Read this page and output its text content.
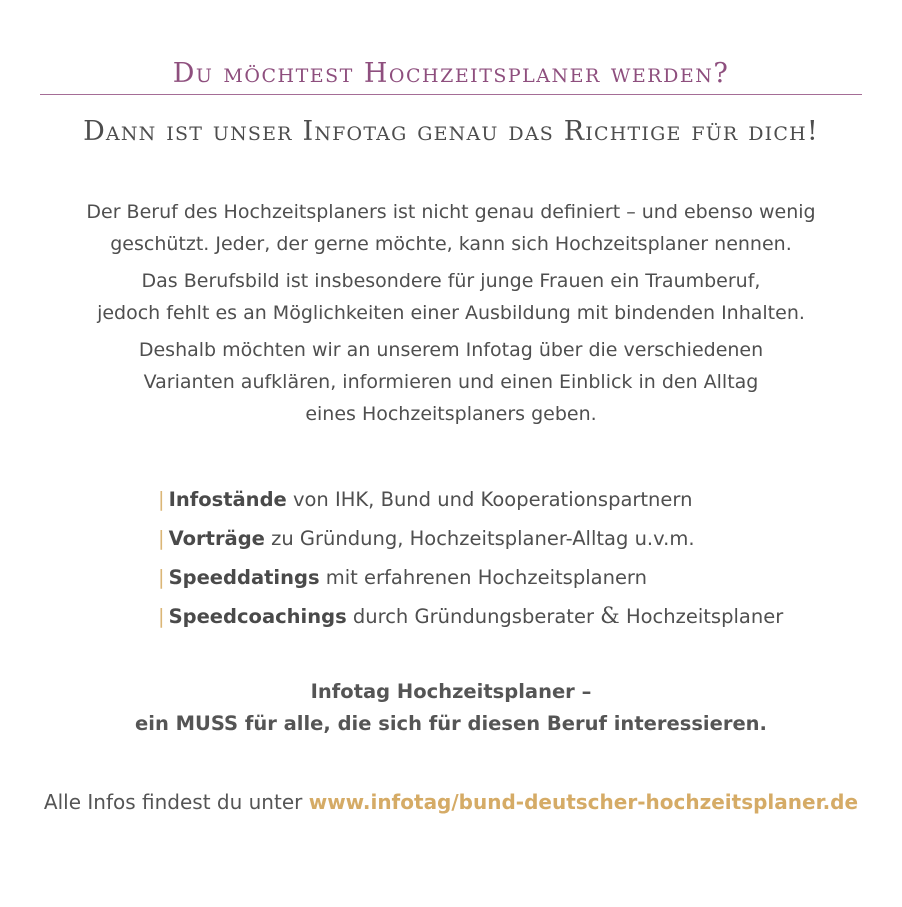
Du möchtest Hochzeitsplaner werden?
Dann ist unser Infotag genau das Richtige für dich!

Der Beruf des Hochzeitsplaners ist nicht genau definiert – und ebenso wenig
geschützt. Jeder, der gerne möchte, kann sich Hochzeitsplaner nennen.

Das Berufsbild ist insbesondere für junge Frauen ein Traumberuf,
jedoch fehlt es an Möglichkeiten einer Ausbildung mit bindenden Inhalten.

Deshalb möchten wir an unserem Infotag über die verschiedenen
Varianten aufklären, informieren und einen Einblick in den Alltag
eines Hochzeitsplaners geben.

| Infostände von IHK, Bund und Kooperationspartnern
| Vorträge zu Gründung, Hochzeitsplaner-Alltag u.v.m.
| Speeddatings mit erfahrenen Hochzeitsplanern
| Speedcoachings durch Gründungsberater & Hochzeitsplaner
Infotag Hochzeitsplaner –
ein MUSS für alle, die sich für diesen Beruf interessieren.
Alle Infos findest du unter www.infotag/bund-deutscher-hochzeitsplaner.de
